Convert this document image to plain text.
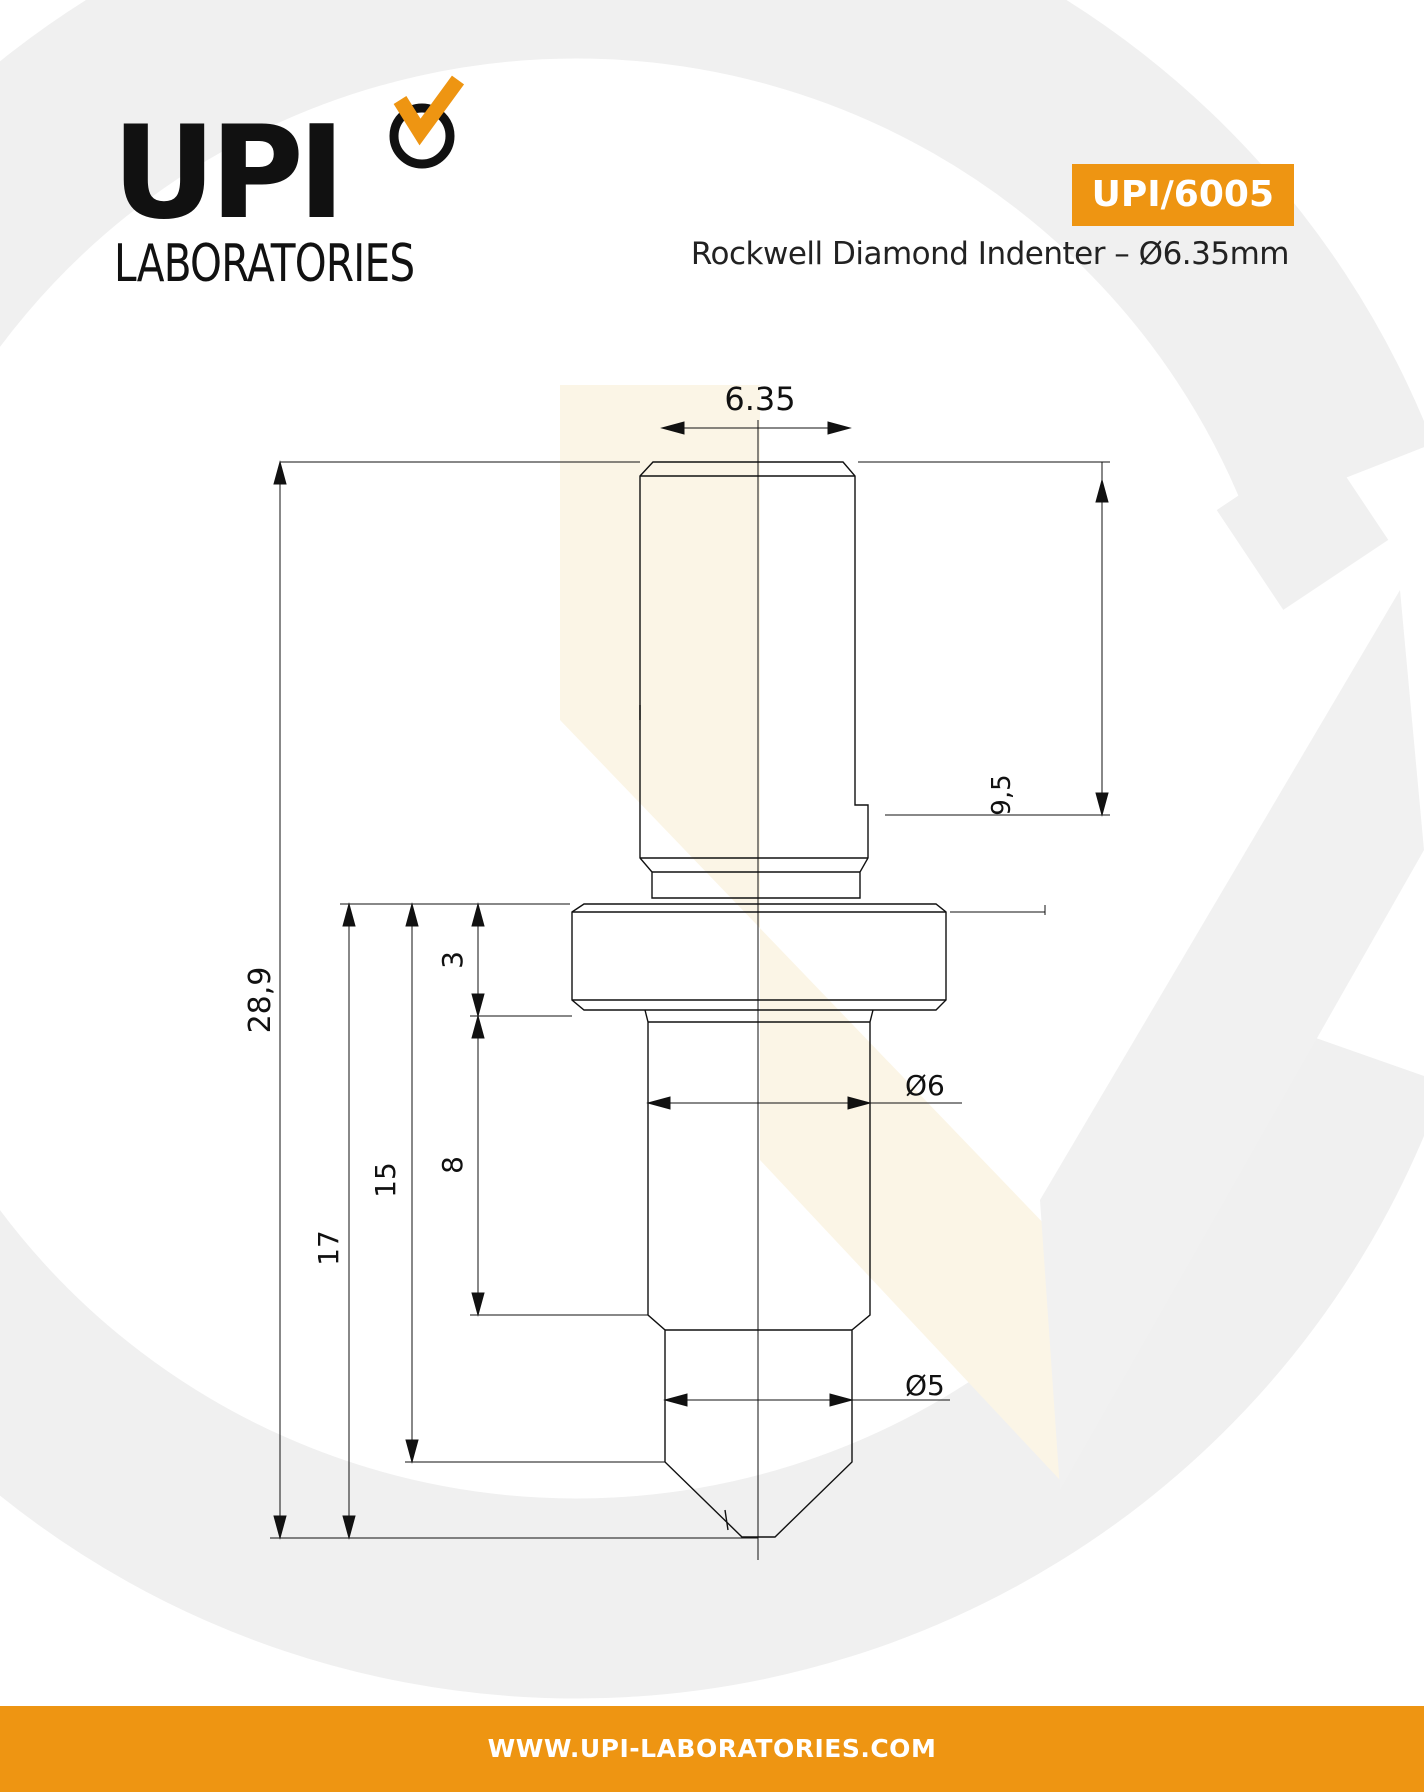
6.35
9,5
28,9
3
8
15
17
Ø6
Ø5
UPI
LABORATORIES
UPI/6005
Rockwell Diamond Indenter – Ø6.35mm
WWW.UPI-LABORATORIES.COM
